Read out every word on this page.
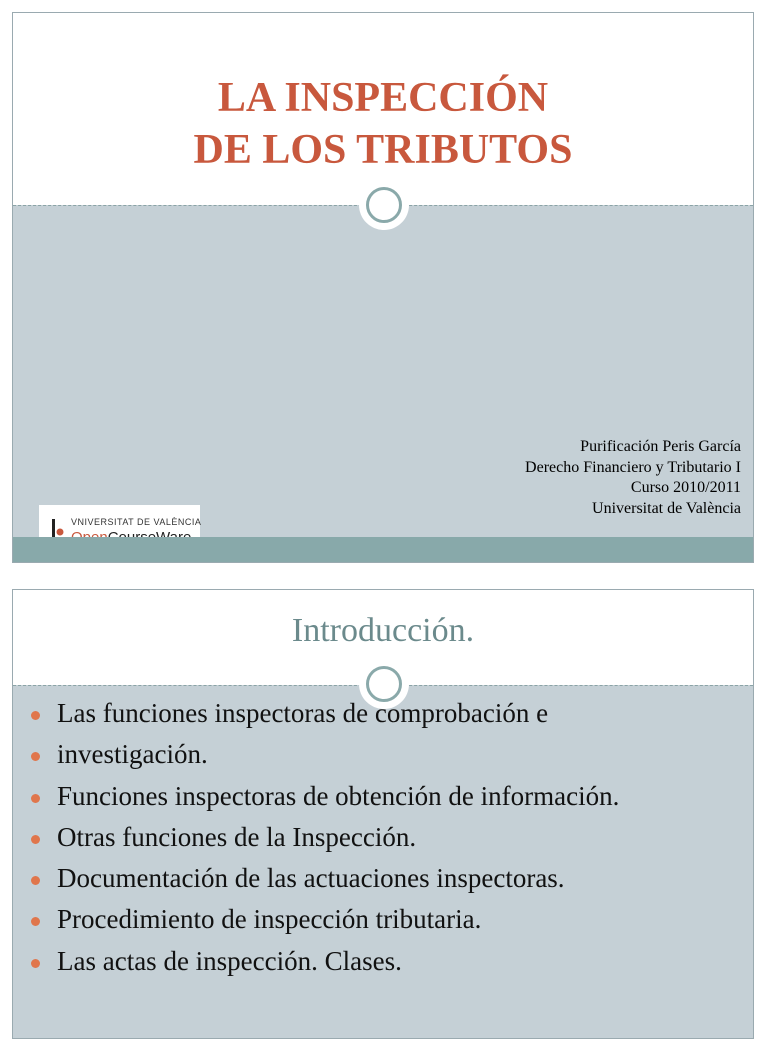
LA INSPECCIÓN
DE LOS TRIBUTOS
Purificación Peris García
Derecho Financiero y Tributario I
Curso 2010/2011
Universitat de València
VNIVERSITAT DE VALÈNCIA
Introducción.
Las funciones inspectoras de comprobación e
investigación.
Funciones inspectoras de obtención de información.
Otras funciones de la Inspección.
Documentación de las actuaciones inspectoras.
Procedimiento de inspección tributaria.
Las actas de inspección. Clases.
